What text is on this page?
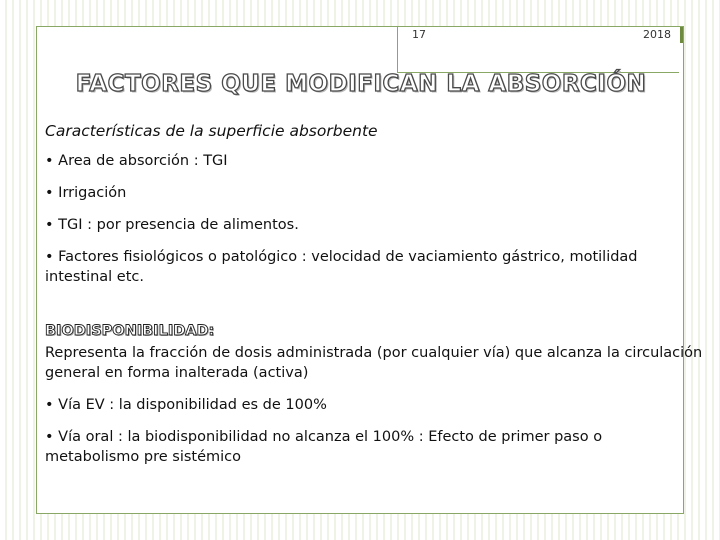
17	2018
FACTORES QUE MODIFICAN LA ABSORCIÓN
Características de la superficie absorbente
• Area de absorción : TGI
• Irrigación
• TGI : por presencia de alimentos.
• Factores fisiológicos o patológico : velocidad de vaciamiento gástrico, motilidad intestinal etc.
BIODISPONIBILIDAD:
Representa la fracción de dosis administrada (por cualquier vía) que alcanza la circulación general en forma inalterada (activa)
• Vía EV : la disponibilidad es de 100%
• Vía oral : la biodisponibilidad no alcanza el 100% : Efecto de primer paso o metabolismo pre sistémico
